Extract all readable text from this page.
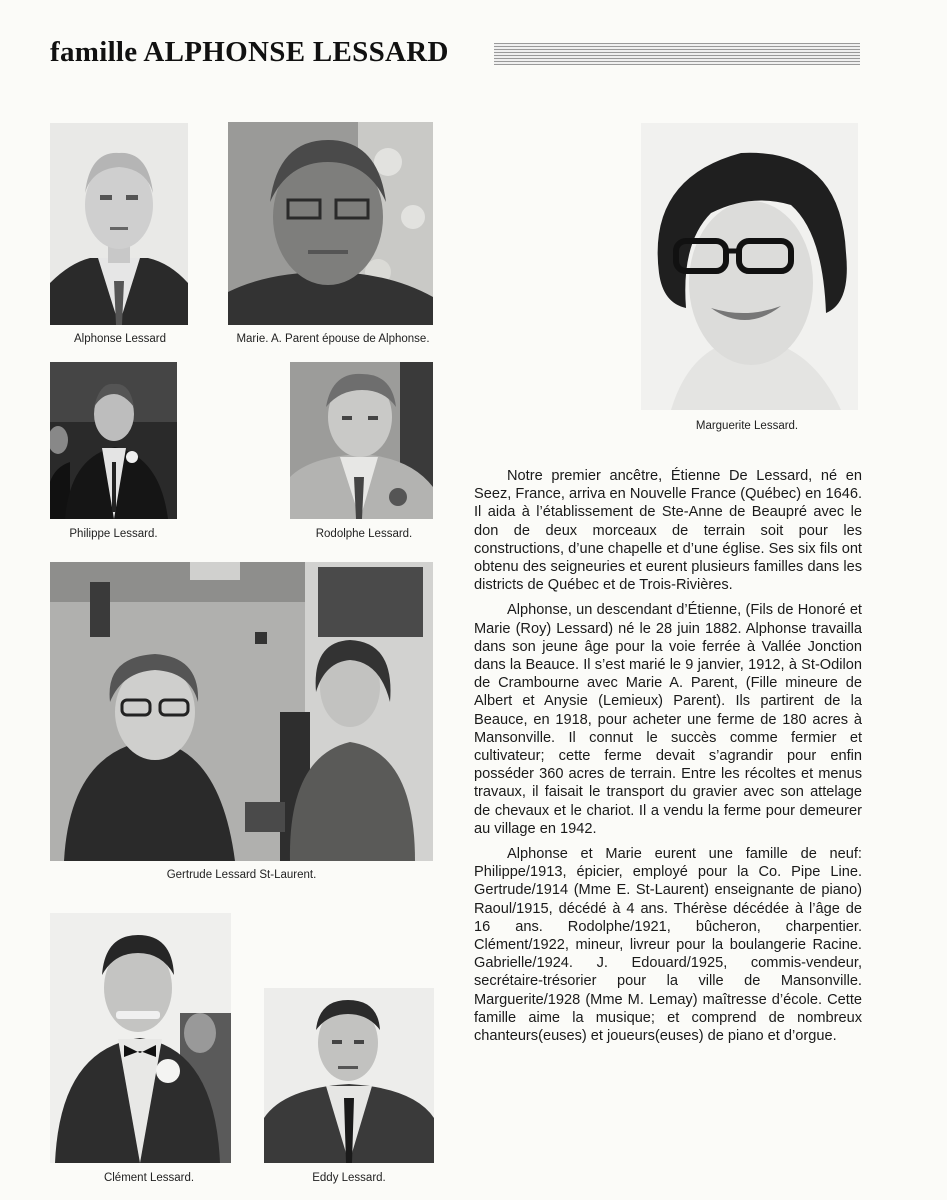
famille ALPHONSE LESSARD
Alphonse Lessard	Marie. A. Parent épouse de Alphonse.
Marguerite Lessard.
Philippe Lessard.	Rodolphe Lessard.
Gertrude Lessard St-Laurent.
Clément Lessard.	Eddy Lessard.

Notre premier ancêtre, Étienne De Lessard, né en Seez, France, arriva en Nouvelle France (Québec) en 1646. Il aida à l’établissement de Ste-Anne de Beaupré avec le don de deux morceaux de terrain soit pour les constructions, d’une chapelle et d’une église. Ses six fils ont obtenu des seigneuries et eurent plusieurs familles dans les districts de Québec et de Trois-Rivières.

Alphonse, un descendant d’Étienne, (Fils de Honoré et Marie (Roy) Lessard) né le 28 juin 1882. Alphonse travailla dans son jeune âge pour la voie ferrée à Vallée Jonction dans la Beauce. Il s’est marié le 9 janvier, 1912, à St-Odilon de Crambourne avec Marie A. Parent, (Fille mineure de Albert et Anysie (Lemieux) Parent). Ils partirent de la Beauce, en 1918, pour acheter une ferme de 180 acres à Mansonville. Il connut le succès comme fermier et cultivateur; cette ferme devait s’agrandir pour enfin posséder 360 acres de terrain. Entre les récoltes et menus travaux, il faisait le transport du gravier avec son attelage de chevaux et le chariot. Il a vendu la ferme pour demeurer au village en 1942.

Alphonse et Marie eurent une famille de neuf: Philippe/1913, épicier, employé pour la Co. Pipe Line. Gertrude/1914 (Mme E. St-Laurent) enseignante de piano) Raoul/1915, décédé à 4 ans. Thérèse décédée à l’âge de 16 ans. Rodolphe/1921, bûcheron, charpentier. Clément/1922, mineur, livreur pour la boulangerie Racine. Gabrielle/1924. J. Edouard/1925, commis-vendeur, secrétaire-trésorier pour la ville de Mansonville. Marguerite/1928 (Mme M. Lemay) maîtresse d’école. Cette famille aime la musique; et comprend de nombreux chanteurs(euses) et joueurs(euses) de piano et d’orgue.
